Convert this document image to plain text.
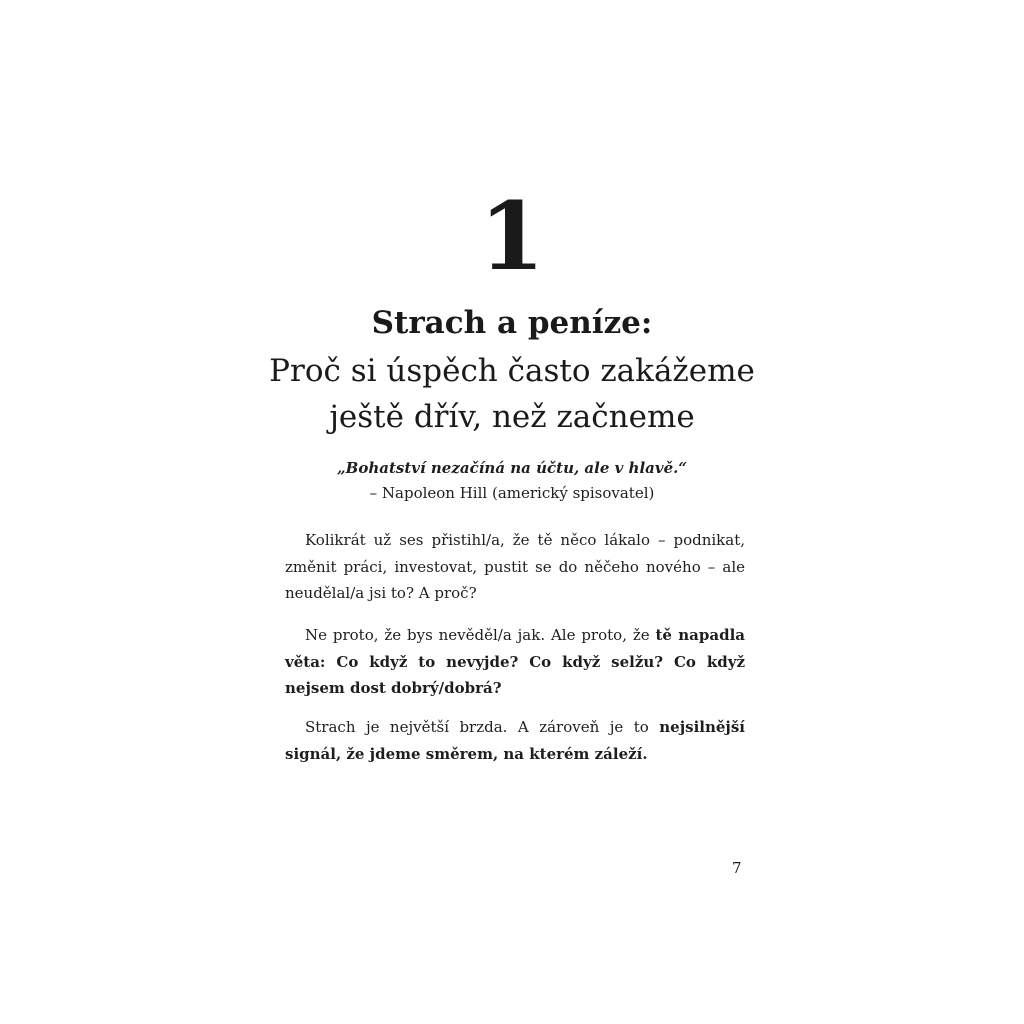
1
Strach a peníze:
Proč si úspěch často zakážeme
ještě dřív, než začneme
„Bohatství nezačíná na účtu, ale v hlavě.“
– Napoleon Hill (americký spisovatel)

Kolikrát už ses přistihl/a, že tě něco lákalo – podnikat, změnit práci, investovat, pustit se do něčeho nového – ale neudělal/a jsi to? A proč?

Ne proto, že bys nevěděl/a jak. Ale proto, že tě napadla věta: Co když to nevyjde? Co když selžu? Co když nejsem dost dobrý/dobrá?

Strach je největší brzda. A zároveň je to nejsilnější signál, že jdeme směrem, na kterém záleží.

7
